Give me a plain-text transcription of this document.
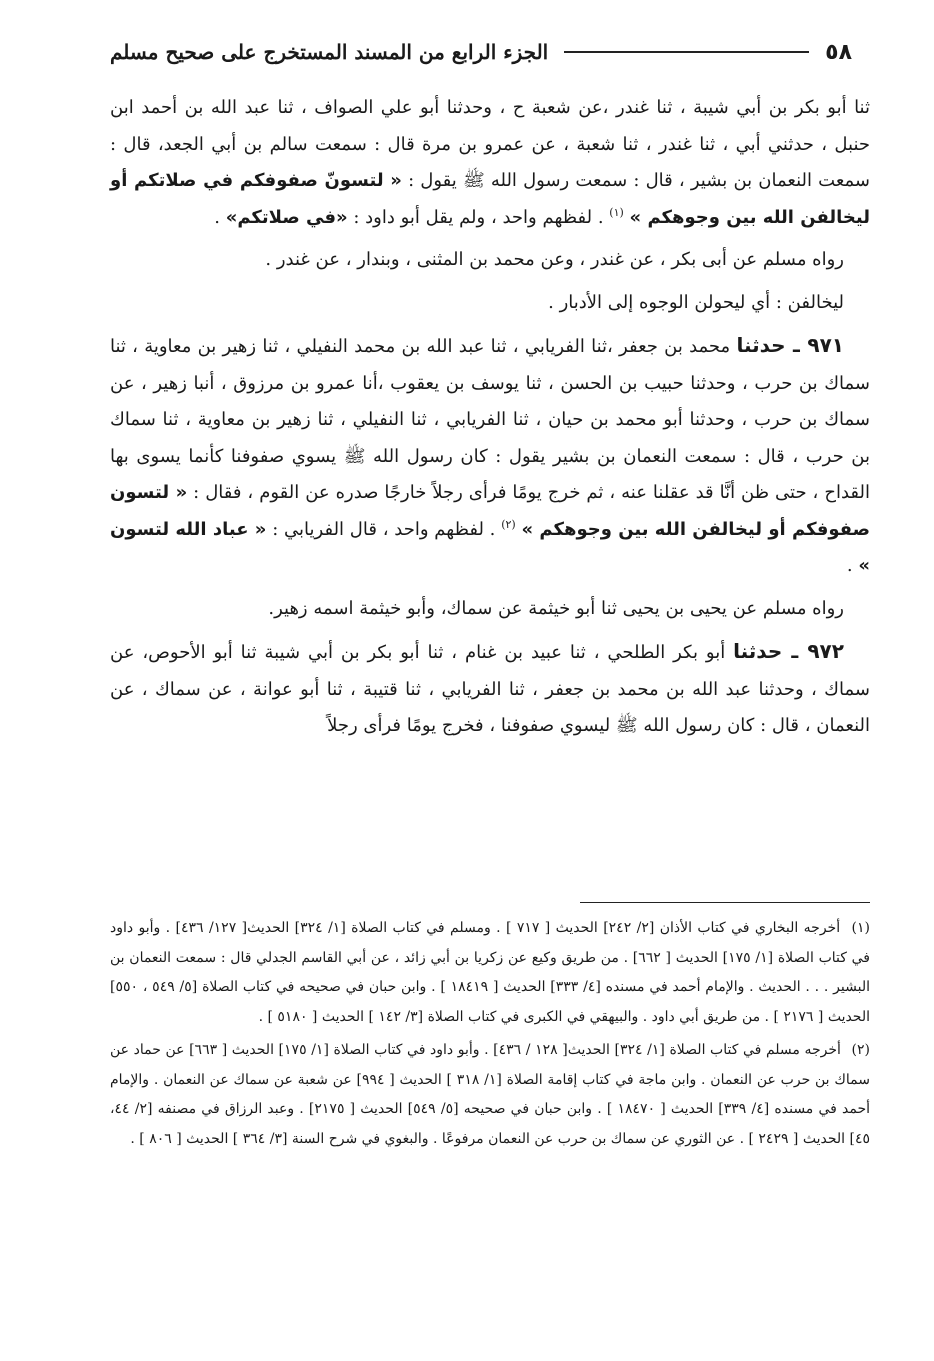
٥٨
الجزء الرابع من المسند المستخرج على صحيح مسلم

ثنا أبو بكر بن أبي شيبة ، ثنا غندر ،عن شعبة ح ، وحدثنا أبو علي الصواف ، ثنا عبد الله بن أحمد ابن حنبل ، حدثني أبي ، ثنا غندر ، ثنا شعبة ، عن عمرو بن مرة قال : سمعت سالم بن أبي الجعد، قال : سمعت النعمان بن بشير ، قال : سمعت رسول الله ﷺ يقول : « لتسونّ صفوفكم في صلاتكم أو ليخالفن الله بين وجوهكم » $^{(١)}$ . لفظهم واحد ، ولم يقل أبو داود : «في صلاتكم» .

رواه مسلم عن أبى بكر ، عن غندر ، وعن محمد بن المثنى ، وبندار ، عن غندر .

ليخالفن : أي ليحولن الوجوه إلى الأدبار .

٩٧١ ـ حدثنا محمد بن جعفر ،ثنا الفريابي ، ثنا عبد الله بن محمد النفيلي ، ثنا زهير بن معاوية ، ثنا سماك بن حرب ، وحدثنا حبيب بن الحسن ، ثنا يوسف بن يعقوب ،أنا عمرو بن مرزوق ، أنبا زهير ، عن سماك بن حرب ، وحدثنا أبو محمد بن حيان ، ثنا الفريابي ، ثنا النفيلي ، ثنا زهير بن معاوية ، ثنا سماك بن حرب ، قال : سمعت النعمان بن بشير يقول : كان رسول الله ﷺ يسوي صفوفنا كأنما يسوى بها القداح ، حتى ظن أنَّا قد عقلنا عنه ، ثم خرج يومًا فرأى رجلاً خارجًا صدره عن القوم ، فقال : « لتسون صفوفكم أو ليخالفن الله بين وجوهكم » $^{(٢)}$ . لفظهم واحد ، قال الفريابي : « عباد الله لتسون » .

رواه مسلم عن يحيى بن يحيى ثنا أبو خيثمة عن سماك، وأبو خيثمة اسمه زهير.

٩٧٢ ـ حدثنا أبو بكر الطلحي ، ثنا عبيد بن غنام ، ثنا أبو بكر بن أبي شيبة ثنا أبو الأحوص، عن سماك ، وحدثنا عبد الله بن محمد بن جعفر ، ثنا الفريابي ، ثنا قتيبة ، ثنا أبو عوانة ، عن سماك ، عن النعمان ، قال : كان رسول الله ﷺ ليسوي صفوفنا ، فخرج يومًا فرأى رجلاً

(١) أخرجه البخاري في كتاب الأذان [٢/ ٢٤٢] الحديث [ ٧١٧ ] . ومسلم في كتاب الصلاة [١/ ٣٢٤] الحديث[ ١٢٧/ ٤٣٦] . وأبو داود في كتاب الصلاة [١/ ١٧٥] الحديث [ ٦٦٢] . من طريق وكيع عن زكريا بن أبي زائد ، عن أبي القاسم الجدلي قال : سمعت النعمان بن البشير . . . الحديث . والإمام أحمد في مسنده [٤/ ٣٣٣] الحديث [ ١٨٤١٩ ] . وابن حبان في صحيحه في كتاب الصلاة [٥/ ٥٤٩ ، ٥٥٠] الحديث [ ٢١٧٦ ] . من طريق أبي داود . والبيهقي في الكبرى في كتاب الصلاة [٣/ ١٤٢ ] الحديث [ ٥١٨٠ ] .

(٢) أخرجه مسلم في كتاب الصلاة [١/ ٣٢٤] الحديث[ ١٢٨ / ٤٣٦] . وأبو داود في كتاب الصلاة [١/ ١٧٥] الحديث [ ٦٦٣] عن حماد عن سماك بن حرب عن النعمان . وابن ماجة في كتاب إقامة الصلاة [١/ ٣١٨ ] الحديث [ ٩٩٤] عن شعبة عن سماك عن النعمان . والإمام أحمد في مسنده [٤/ ٣٣٩] الحديث [ ١٨٤٧٠ ] . وابن حبان في صحيحه [٥/ ٥٤٩] الحديث [ ٢١٧٥] . وعبد الرزاق في مصنفه [٢/ ٤٤، ٤٥] الحديث [ ٢٤٢٩ ] . عن الثوري عن سماك بن حرب عن النعمان مرفوعًا . والبغوي في شرح السنة [٣/ ٣٦٤ ] الحديث [ ٨٠٦ ] .
